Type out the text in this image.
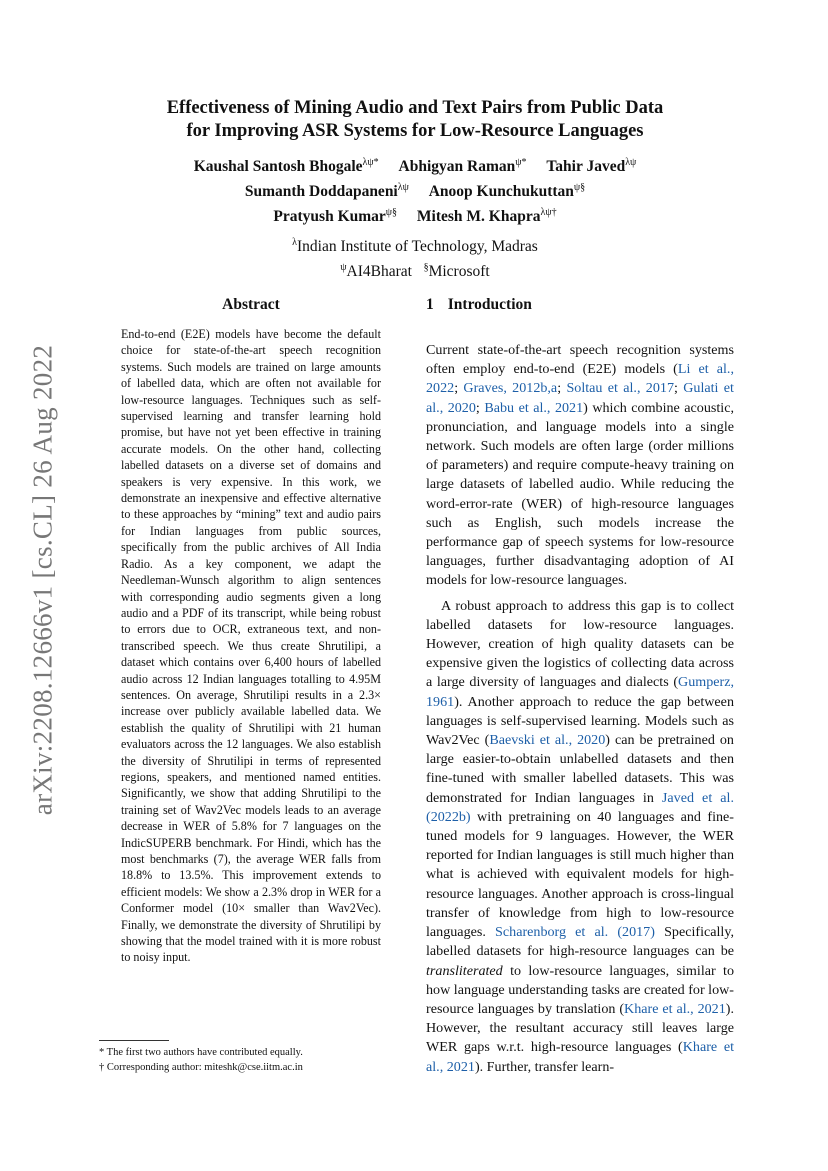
arXiv:2208.12666v1 [cs.CL] 26 Aug 2022
Effectiveness of Mining Audio and Text Pairs from Public Data
for Improving ASR Systems for Low-Resource Languages
Kaushal Santosh Bhogale$^{\lambda\psi*}$ Abhigyan Raman$^{\psi*}$ Tahir Javed$^{\lambda\psi}$
Sumanth Doddapaneni$^{\lambda\psi}$ Anoop Kunchukuttan$^{\psi\S}$
Pratyush Kumar$^{\psi\S}$ Mitesh M. Khapra$^{\lambda\psi\dagger}$
$^\lambda$Indian Institute of Technology, Madras
$^\psi$AI4Bharat §Microsoft
Abstract

End-to-end (E2E) models have become the default choice for state-of-the-art speech recognition systems. Such models are trained on large amounts of labelled data, which are often not available for low-resource languages. Techniques such as self-supervised learning and transfer learning hold promise, but have not yet been effective in training accurate models. On the other hand, collecting labelled datasets on a diverse set of domains and speakers is very expensive. In this work, we demonstrate an inexpensive and effective alternative to these approaches by “mining” text and audio pairs for Indian languages from public sources, specifically from the public archives of All India Radio. As a key component, we adapt the Needleman-Wunsch algorithm to align sentences with corresponding audio segments given a long audio and a PDF of its transcript, while being robust to errors due to OCR, extraneous text, and non-transcribed speech. We thus create Shrutilipi, a dataset which contains over 6,400 hours of labelled audio across 12 Indian languages totalling to 4.95M sentences. On average, Shrutilipi results in a 2.3× increase over publicly available labelled data. We establish the quality of Shrutilipi with 21 human evaluators across the 12 languages. We also establish the diversity of Shrutilipi in terms of represented regions, speakers, and mentioned named entities. Significantly, we show that adding Shrutilipi to the training set of Wav2Vec models leads to an average decrease in WER of 5.8% for 7 languages on the IndicSUPERB benchmark. For Hindi, which has the most benchmarks (7), the average WER falls from 18.8% to 13.5%. This improvement extends to efficient models: We show a 2.3% drop in WER for a Conformer model (10× smaller than Wav2Vec). Finally, we demonstrate the diversity of Shrutilipi by showing that the model trained with it is more robust to noisy input.

* The first two authors have contributed equally.
† Corresponding author: miteshk@cse.iitm.ac.in
1 Introduction

Current state-of-the-art speech recognition systems often employ end-to-end (E2E) models (Li et al., 2022; Graves, 2012b,a; Soltau et al., 2017; Gulati et al., 2020; Babu et al., 2021) which combine acoustic, pronunciation, and language models into a single network. Such models are often large (order millions of parameters) and require compute-heavy training on large datasets of labelled audio. While reducing the word-error-rate (WER) of high-resource languages such as English, such models increase the performance gap of speech systems for low-resource languages, further disadvantaging adoption of AI models for low-resource languages.

A robust approach to address this gap is to collect labelled datasets for low-resource languages. However, creation of high quality datasets can be expensive given the logistics of collecting data across a large diversity of languages and dialects (Gumperz, 1961). Another approach to reduce the gap between languages is self-supervised learning. Models such as Wav2Vec (Baevski et al., 2020) can be pretrained on large easier-to-obtain unlabelled datasets and then fine-tuned with smaller labelled datasets. This was demonstrated for Indian languages in Javed et al. (2022b) with pretraining on 40 languages and fine-tuned models for 9 languages. However, the WER reported for Indian languages is still much higher than what is achieved with equivalent models for high-resource languages. Another approach is cross-lingual transfer of knowledge from high to low-resource languages. Scharenborg et al. (2017) Specifically, labelled datasets for high-resource languages can be transliterated to low-resource languages, similar to how language understanding tasks are created for low-resource languages by translation (Khare et al., 2021). However, the resultant accuracy still leaves large WER gaps w.r.t. high-resource languages (Khare et al., 2021). Further, transfer learn-
